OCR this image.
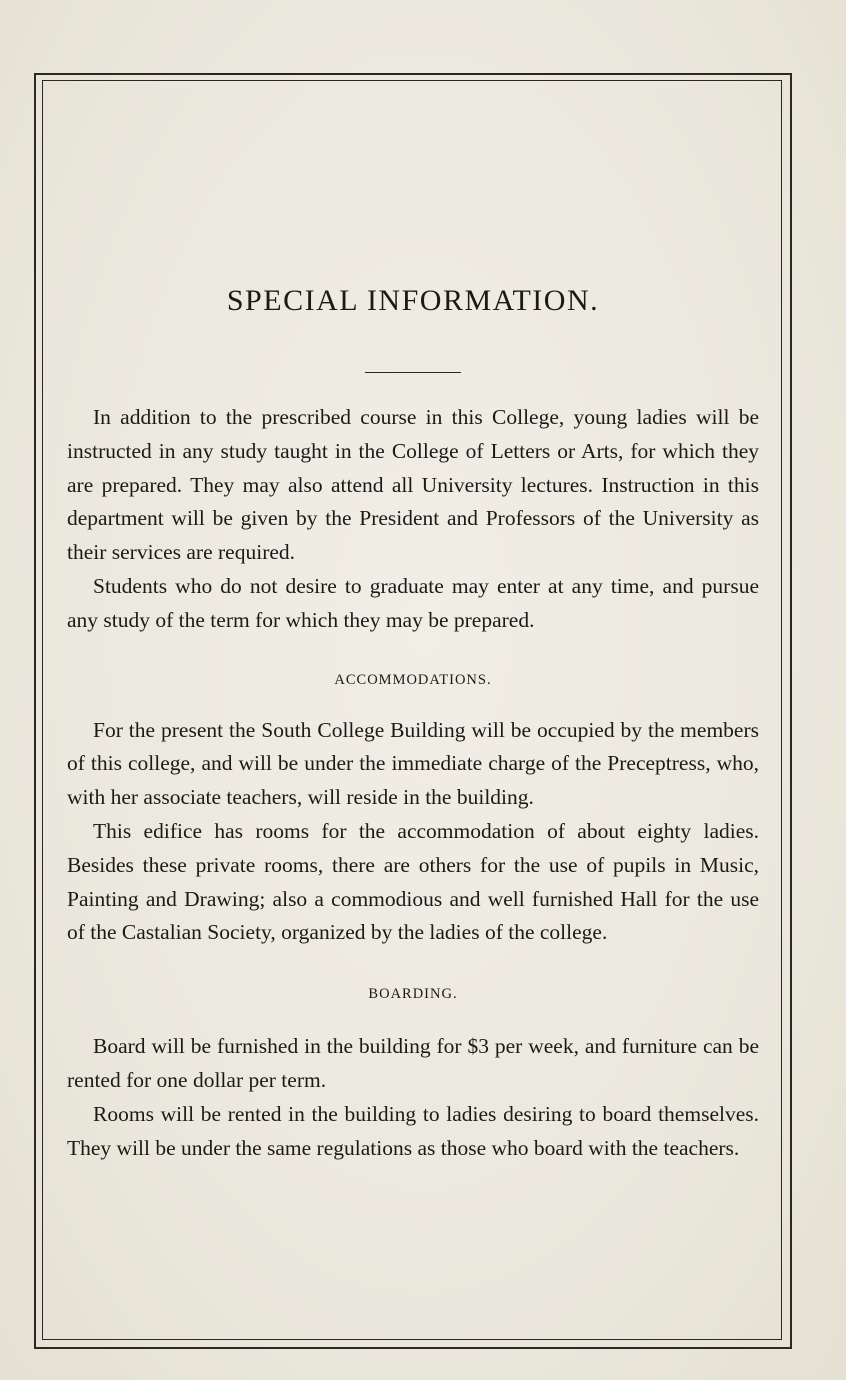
SPECIAL INFORMATION.

In addition to the prescribed course in this College, young ladies will be instructed in any study taught in the College of Letters or Arts, for which they are prepared. They may also attend all University lectures. Instruction in this department will be given by the President and Professors of the University as their services are required.

Students who do not desire to graduate may enter at any time, and pursue any study of the term for which they may be prepared.

ACCOMMODATIONS.

For the present the South College Building will be occupied by the members of this college, and will be under the immediate charge of the Preceptress, who, with her associate teachers, will reside in the building.

This edifice has rooms for the accommodation of about eighty ladies. Besides these private rooms, there are others for the use of pupils in Music, Painting and Drawing; also a commodious and well furnished Hall for the use of the Castalian Society, organized by the ladies of the college.

BOARDING.

Board will be furnished in the building for $3 per week, and furniture can be rented for one dollar per term.

Rooms will be rented in the building to ladies desiring to board themselves. They will be under the same regulations as those who board with the teachers.
